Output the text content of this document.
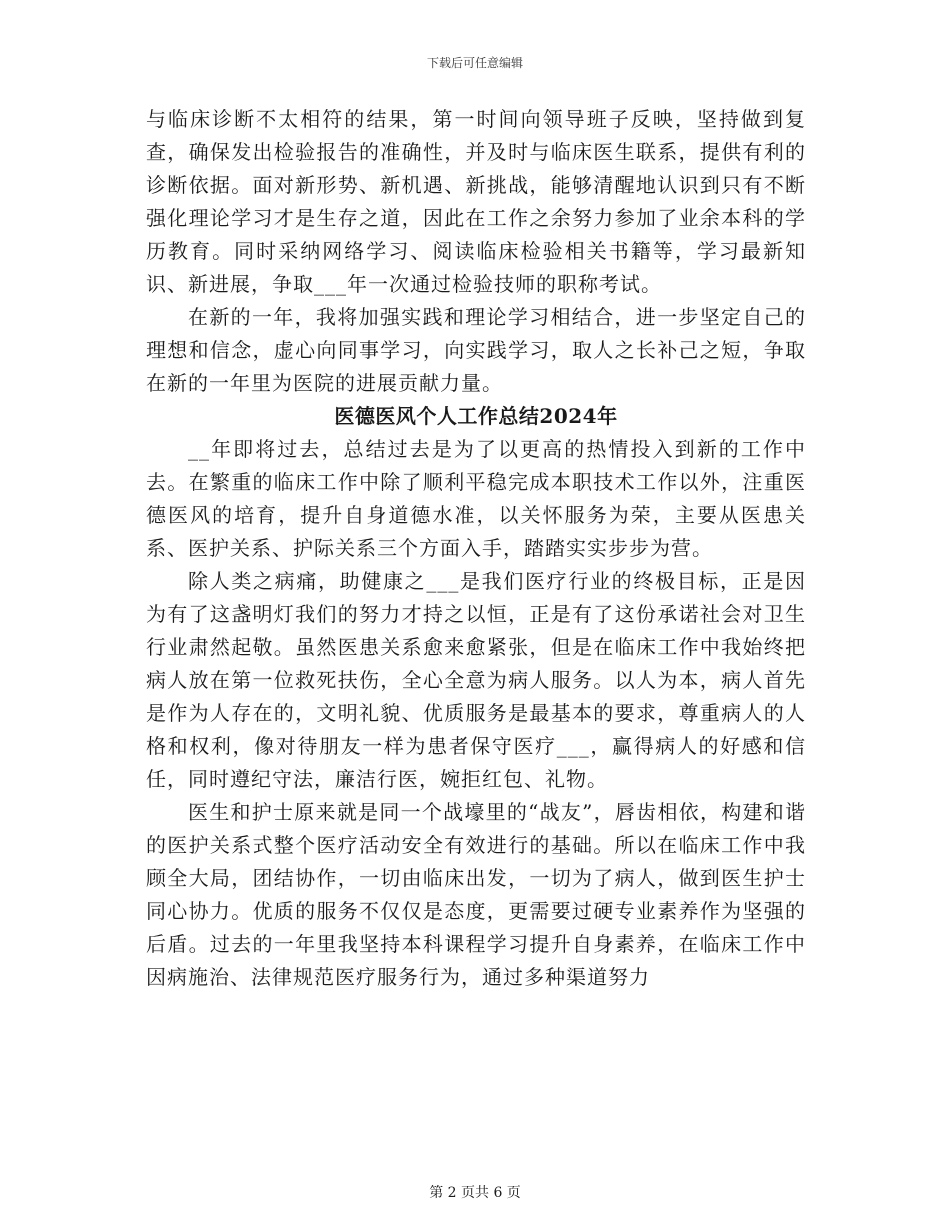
下载后可任意编辑

与临床诊断不太相符的结果，第一时间向领导班子反映，坚持做到复查，确保发出检验报告的准确性，并及时与临床医生联系，提供有利的诊断依据。面对新形势、新机遇、新挑战，能够清醒地认识到只有不断强化理论学习才是生存之道，因此在工作之余努力参加了业余本科的学历教育。同时采纳网络学习、阅读临床检验相关书籍等，学习最新知识、新进展，争取___年一次通过检验技师的职称考试。

在新的一年，我将加强实践和理论学习相结合，进一步坚定自己的理想和信念，虚心向同事学习，向实践学习，取人之长补己之短，争取在新的一年里为医院的进展贡献力量。

医德医风个人工作总结2024年

__年即将过去，总结过去是为了以更高的热情投入到新的工作中去。在繁重的临床工作中除了顺利平稳完成本职技术工作以外，注重医德医风的培育，提升自身道德水准，以关怀服务为荣，主要从医患关系、医护关系、护际关系三个方面入手，踏踏实实步步为营。

除人类之病痛，助健康之___是我们医疗行业的终极目标，正是因为有了这盏明灯我们的努力才持之以恒，正是有了这份承诺社会对卫生行业肃然起敬。虽然医患关系愈来愈紧张，但是在临床工作中我始终把病人放在第一位救死扶伤，全心全意为病人服务。以人为本，病人首先是作为人存在的，文明礼貌、优质服务是最基本的要求，尊重病人的人格和权利，像对待朋友一样为患者保守医疗___，赢得病人的好感和信任，同时遵纪守法，廉洁行医，婉拒红包、礼物。

医生和护士原来就是同一个战壕里的“战友”，唇齿相依，构建和谐的医护关系式整个医疗活动安全有效进行的基础。所以在临床工作中我顾全大局，团结协作，一切由临床出发，一切为了病人，做到医生护士同心协力。优质的服务不仅仅是态度，更需要过硬专业素养作为坚强的后盾。过去的一年里我坚持本科课程学习提升自身素养，在临床工作中因病施治、法律规范医疗服务行为，通过多种渠道努力

第 2 页共 6 页
